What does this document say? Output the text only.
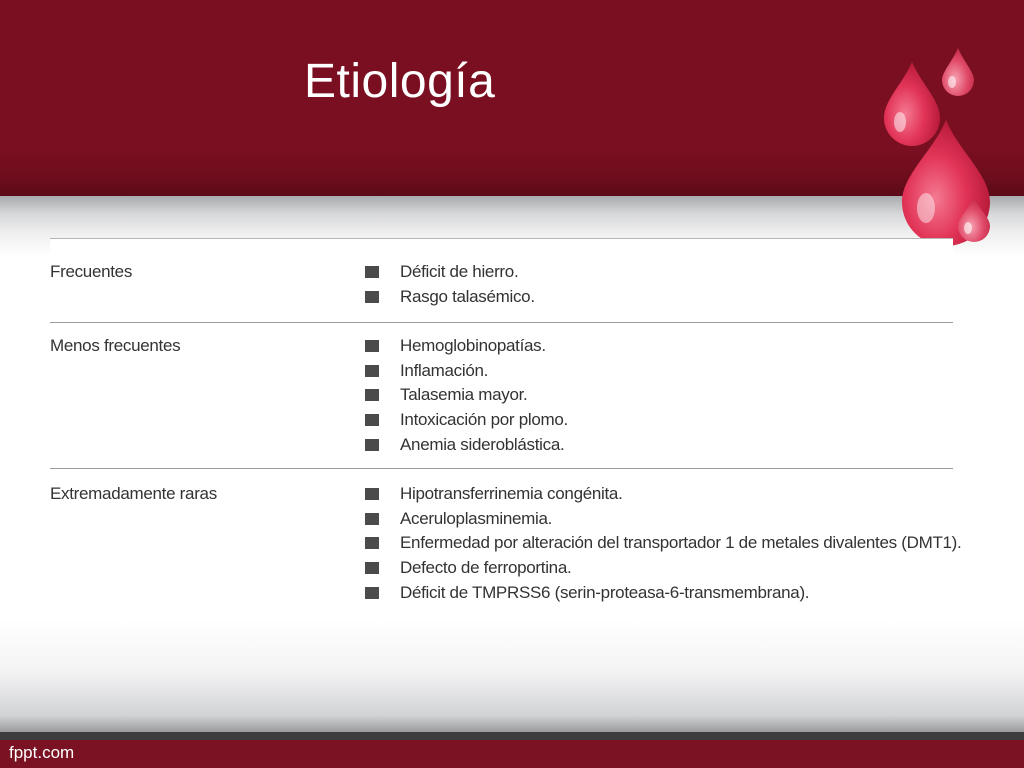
fppt.com
Etiología
Frecuentes	Déficit de hierro.
Rasgo talasémico.
Menos frecuentes	Hemoglobinopatías.
Inflamación.
Talasemia mayor.
Intoxicación por plomo.
Anemia sideroblástica.
Extremadamente raras	Hipotransferrinemia congénita.
Aceruloplasminemia.
Enfermedad por alteración del transportador 1 de metales divalentes (DMT1).
Defecto de ferroportina.
Déficit de TMPRSS6 (serin-proteasa-6-transmembrana).
